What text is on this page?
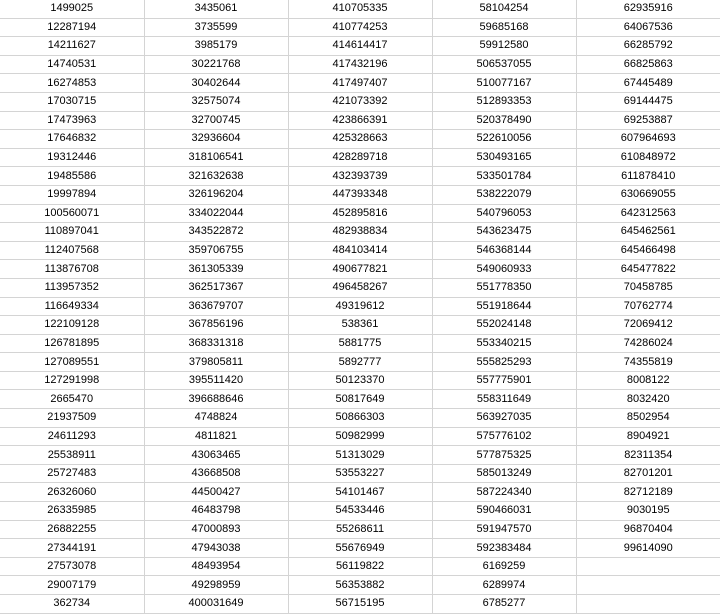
1499025	3435061	410705335	58104254	62935916
12287194	3735599	410774253	59685168	64067536
14211627	3985179	414614417	59912580	66285792
14740531	30221768	417432196	506537055	66825863
16274853	30402644	417497407	510077167	67445489
17030715	32575074	421073392	512893353	69144475
17473963	32700745	423866391	520378490	69253887
17646832	32936604	425328663	522610056	607964693
19312446	318106541	428289718	530493165	610848972
19485586	321632638	432393739	533501784	611878410
19997894	326196204	447393348	538222079	630669055
100560071	334022044	452895816	540796053	642312563
110897041	343522872	482938834	543623475	645462561
112407568	359706755	484103414	546368144	645466498
113876708	361305339	490677821	549060933	645477822
113957352	362517367	496458267	551778350	70458785
116649334	363679707	49319612	551918644	70762774
122109128	367856196	538361	552024148	72069412
126781895	368331318	5881775	553340215	74286024
127089551	379805811	5892777	555825293	74355819
127291998	395511420	50123370	557775901	8008122
2665470	396688646	50817649	558311649	8032420
21937509	4748824	50866303	563927035	8502954
24611293	4811821	50982999	575776102	8904921
25538911	43063465	51313029	577875325	82311354
25727483	43668508	53553227	585013249	82701201
26326060	44500427	54101467	587224340	82712189
26335985	46483798	54533446	590466031	9030195
26882255	47000893	55268611	591947570	96870404
27344191	47943038	55676949	592383484	99614090
27573078	48493954	56119822	6169259	
29007179	49298959	56353882	6289974	
362734	400031649	56715195	6785277	
